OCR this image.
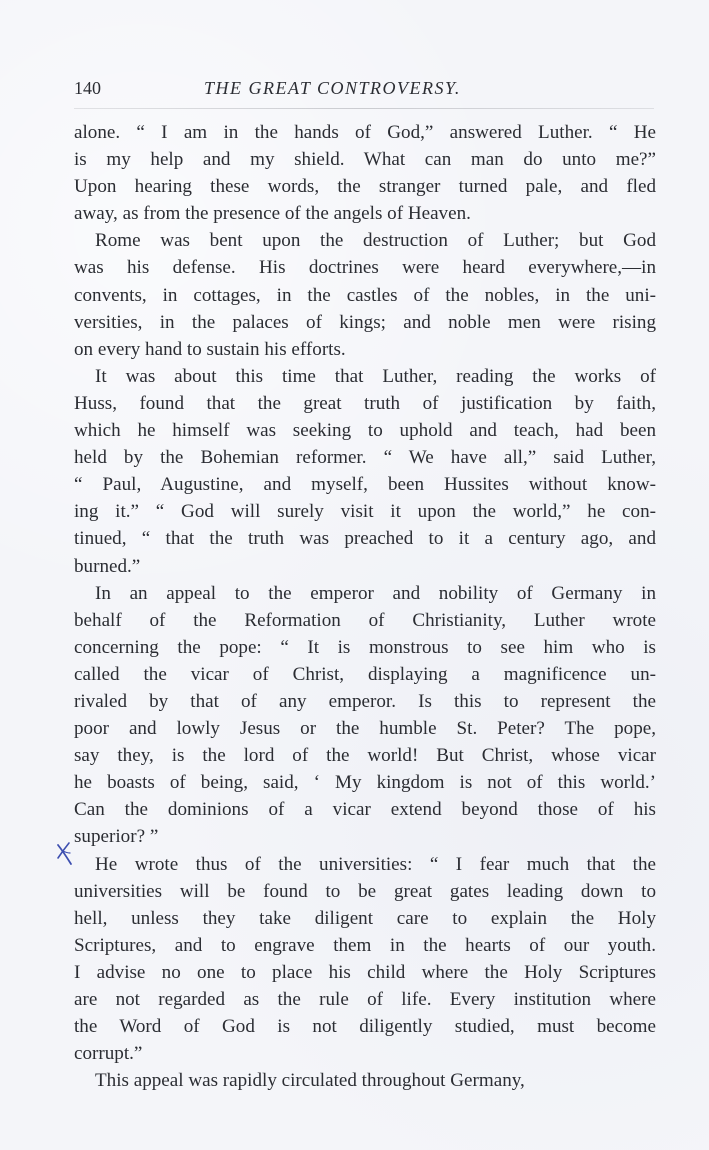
140	THE GREAT CONTROVERSY.
alone. “ I am in the hands of God,” answered Luther. “ He
is my help and my shield. What can man do unto me?”
Upon hearing these words, the stranger turned pale, and fled
away, as from the presence of the angels of Heaven.
Rome was bent upon the destruction of Luther; but God
was his defense. His doctrines were heard everywhere,—in
convents, in cottages, in the castles of the nobles, in the uni-
versities, in the palaces of kings; and noble men were rising
on every hand to sustain his efforts.
It was about this time that Luther, reading the works of
Huss, found that the great truth of justification by faith,
which he himself was seeking to uphold and teach, had been
held by the Bohemian reformer. “ We have all,” said Luther,
“ Paul, Augustine, and myself, been Hussites without know-
ing it.” “ God will surely visit it upon the world,” he con-
tinued, “ that the truth was preached to it a century ago, and
burned.”
In an appeal to the emperor and nobility of Germany in
behalf of the Reformation of Christianity, Luther wrote
concerning the pope: “ It is monstrous to see him who is
called the vicar of Christ, displaying a magnificence un-
rivaled by that of any emperor. Is this to represent the
poor and lowly Jesus or the humble St. Peter? The pope,
say they, is the lord of the world! But Christ, whose vicar
he boasts of being, said, ‘ My kingdom is not of this world.’
Can the dominions of a vicar extend beyond those of his
superior? ”
He wrote thus of the universities: “ I fear much that the
universities will be found to be great gates leading down to
hell, unless they take diligent care to explain the Holy
Scriptures, and to engrave them in the hearts of our youth.
I advise no one to place his child where the Holy Scriptures
are not regarded as the rule of life. Every institution where
the Word of God is not diligently studied, must become
corrupt.”
This appeal was rapidly circulated throughout Germany,
